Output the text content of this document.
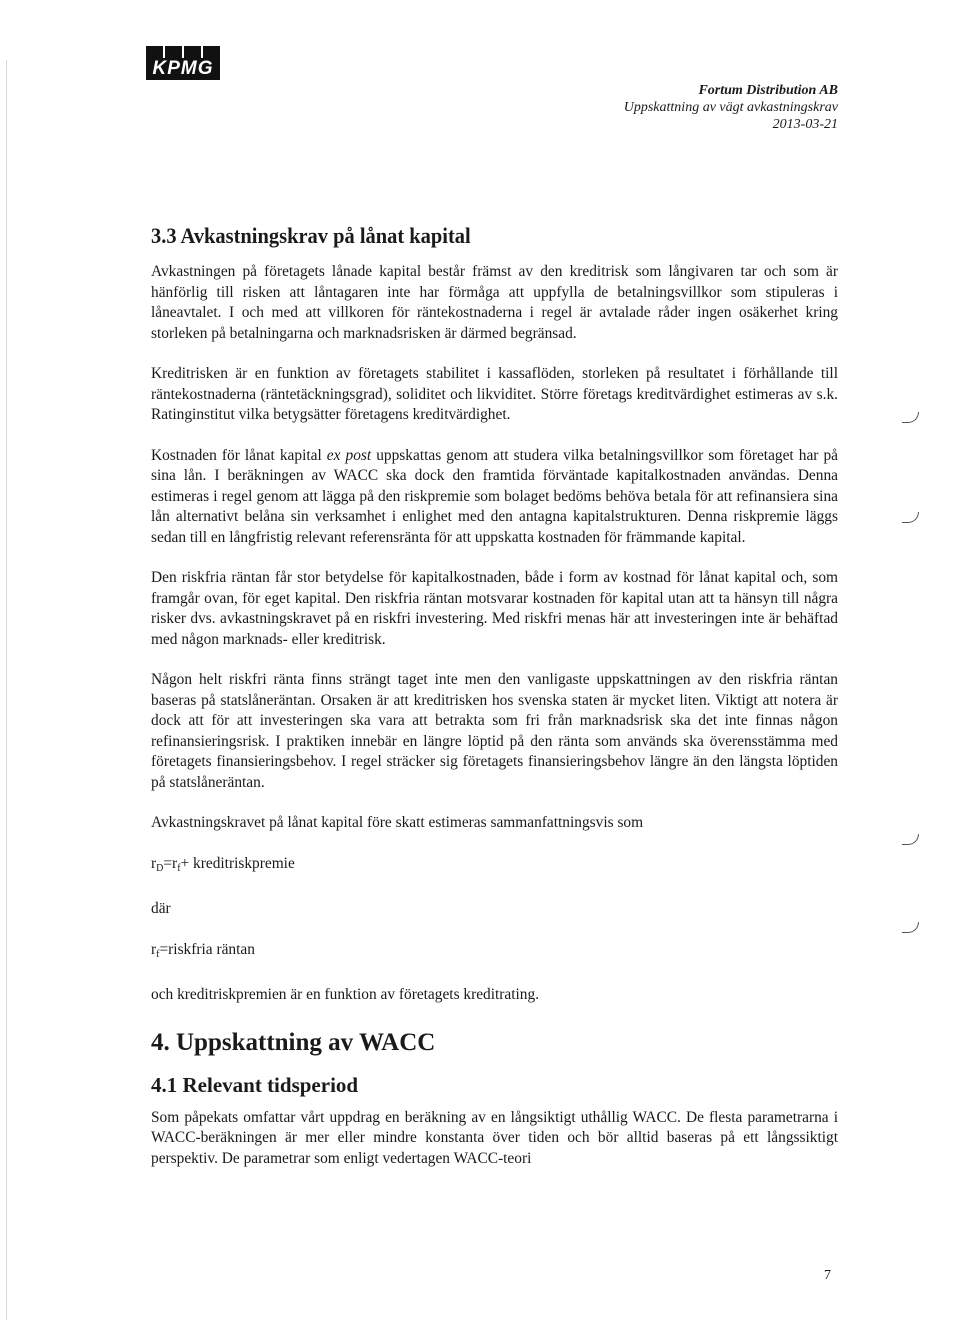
KPMG
Fortum Distribution AB
Uppskattning av vägt avkastningskrav
2013-03-21
3.3 Avkastningskrav på lånat kapital

Avkastningen på företagets lånade kapital består främst av den kreditrisk som långivaren tar och som är hänförlig till risken att låntagaren inte har förmåga att uppfylla de betalningsvillkor som stipuleras i låneavtalet. I och med att villkoren för räntekostnaderna i regel är avtalade råder ingen osäkerhet kring storleken på betalningarna och marknadsrisken är därmed begränsad.

Kreditrisken är en funktion av företagets stabilitet i kassaflöden, storleken på resultatet i förhållande till räntekostnaderna (räntetäckningsgrad), soliditet och likviditet. Större företags kreditvärdighet estimeras av s.k. Ratinginstitut vilka betygsätter företagens kreditvärdighet.

Kostnaden för lånat kapital ex post uppskattas genom att studera vilka betalningsvillkor som företaget har på sina lån. I beräkningen av WACC ska dock den framtida förväntade kapitalkostnaden användas. Denna estimeras i regel genom att lägga på den riskpremie som bolaget bedöms behöva betala för att refinansiera sina lån alternativt belåna sin verksamhet i enlighet med den antagna kapitalstrukturen. Denna riskpremie läggs sedan till en långfristig relevant referensränta för att uppskatta kostnaden för främmande kapital.

Den riskfria räntan får stor betydelse för kapitalkostnaden, både i form av kostnad för lånat kapital och, som framgår ovan, för eget kapital. Den riskfria räntan motsvarar kostnaden för kapital utan att ta hänsyn till några risker dvs. avkastningskravet på en riskfri investering. Med riskfri menas här att investeringen inte är behäftad med någon marknads- eller kreditrisk.

Någon helt riskfri ränta finns strängt taget inte men den vanligaste uppskattningen av den riskfria räntan baseras på statslåneräntan. Orsaken är att kreditrisken hos svenska staten är mycket liten. Viktigt att notera är dock att för att investeringen ska vara att betrakta som fri från marknadsrisk ska det inte finnas någon refinansieringsrisk. I praktiken innebär en längre löptid på den ränta som används ska överensstämma med företagets finansieringsbehov. I regel sträcker sig företagets finansieringsbehov längre än den längsta löptiden på statslåneräntan.

Avkastningskravet på lånat kapital före skatt estimeras sammanfattningsvis som

rD=rf+ kreditriskpremie

där

rf=riskfria räntan

och kreditriskpremien är en funktion av företagets kreditrating.

4. Uppskattning av WACC
4.1 Relevant tidsperiod

Som påpekats omfattar vårt uppdrag en beräkning av en långsiktigt uthållig WACC. De flesta parametrarna i WACC-beräkningen är mer eller mindre konstanta över tiden och bör alltid baseras på ett långssiktigt perspektiv. De parametrar som enligt vedertagen WACC-teori

7
